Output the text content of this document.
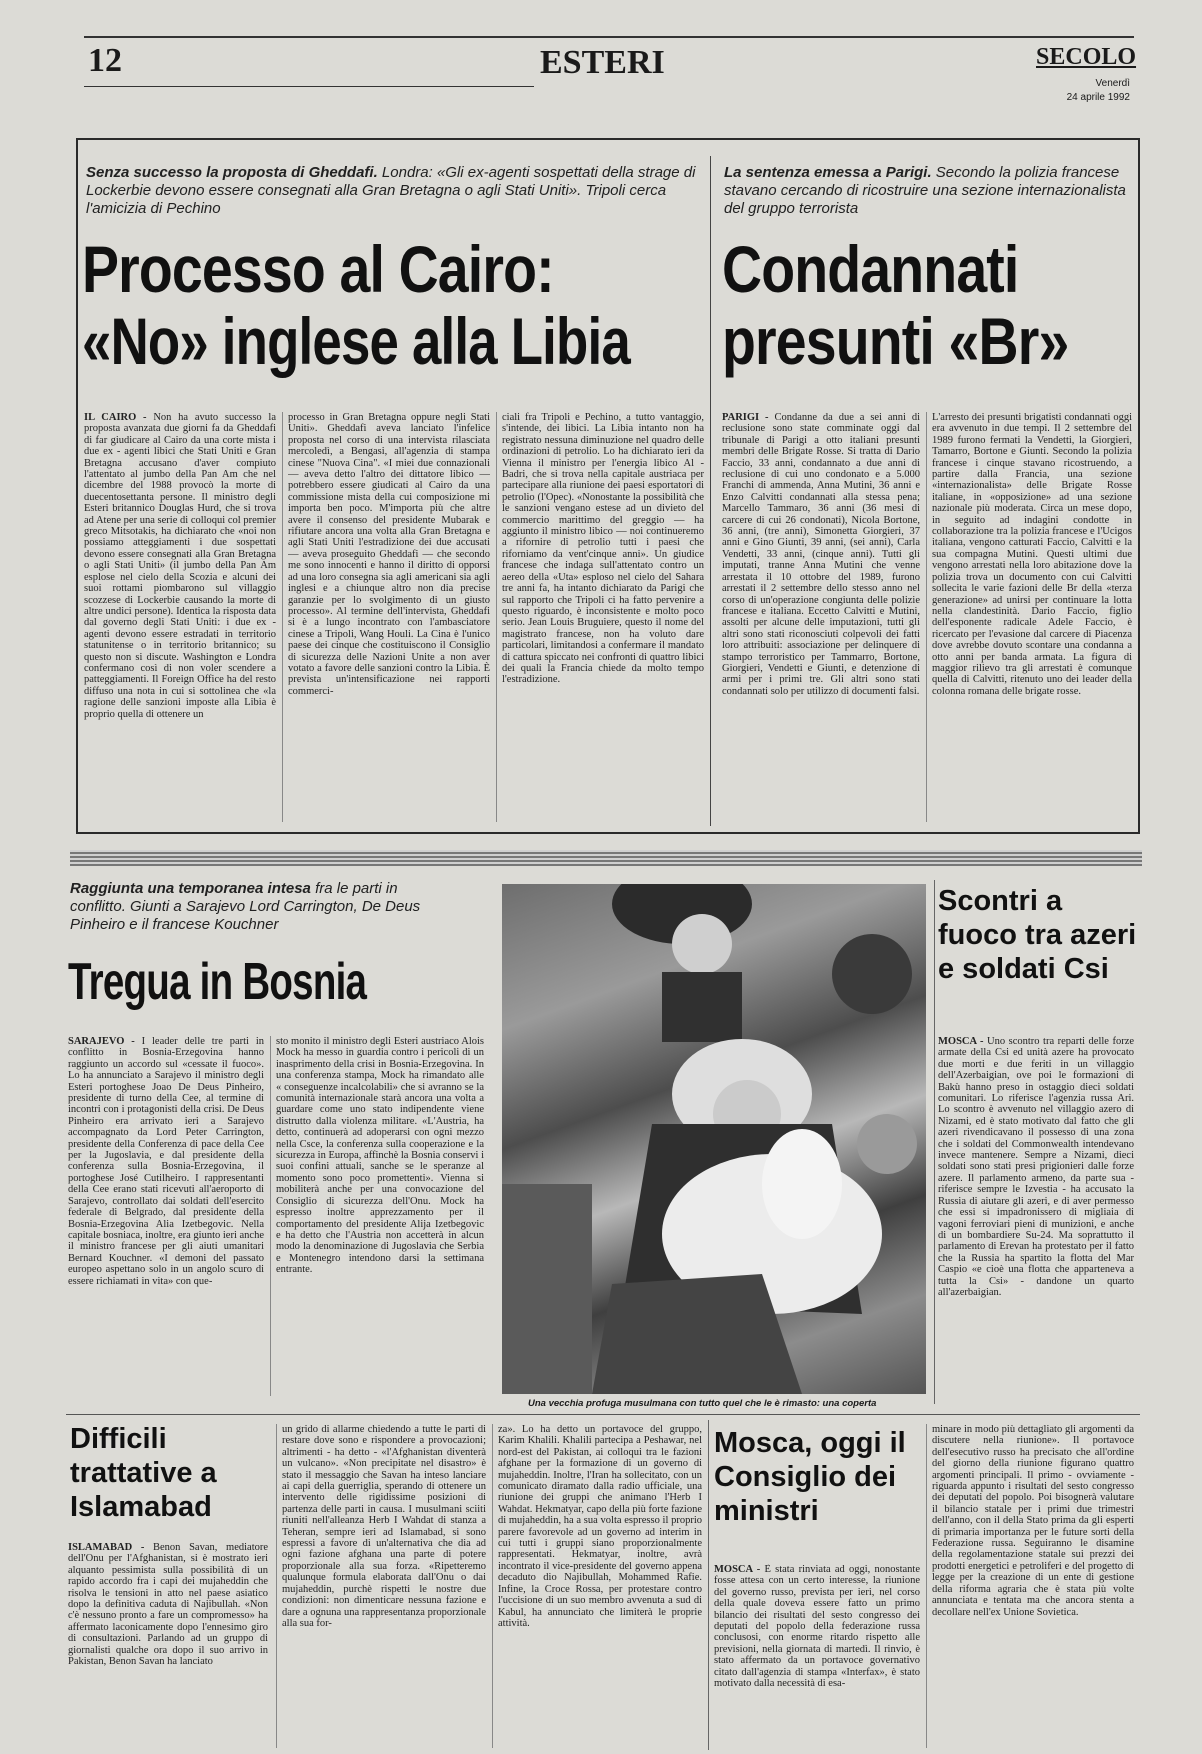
12	ESTERI	SECOLO
Venerdì
24 aprile 1992
Senza successo la proposta di Gheddafi. Londra: «Gli ex-agenti sospettati della strage di Lockerbie devono essere consegnati alla Gran Bretagna o agli Stati Uniti». Tripoli cerca l'amicizia di Pechino
Processo al Cairo:
«No» inglese alla Libia
IL CAIRO - Non ha avuto successo la proposta avanzata due giorni fa da Gheddafi di far giudicare al Cairo da una corte mista i due ex - agenti libici che Stati Uniti e Gran Bretagna accusano d'aver compiuto l'attentato al jumbo della Pan Am che nel dicembre del 1988 provocò la morte di duecentosettanta persone. Il ministro degli Esteri britannico Douglas Hurd, che si trova ad Atene per una serie di colloqui col premier greco Mitsotakis, ha dichiarato che «noi non possiamo atteggiamenti i due sospettati devono essere consegnati alla Gran Bretagna o agli Stati Uniti» (il jumbo della Pan Am esplose nel cielo della Scozia e alcuni dei suoi rottami piombarono sul villaggio scozzese di Lockerbie causando la morte di altre undici persone). Identica la risposta data dal governo degli Stati Uniti: i due ex - agenti devono essere estradati in territorio statunitense o in territorio britannico; su questo non si discute. Washington e Londra confermano così di non voler scendere a patteggiamenti. Il Foreign Office ha del resto diffuso una nota in cui si sottolinea che «la ragione delle sanzioni imposte alla Libia è proprio quella di ottenere un
processo in Gran Bretagna oppure negli Stati Uniti». Gheddafi aveva lanciato l'infelice proposta nel corso di una intervista rilasciata mercoledì, a Bengasi, all'agenzia di stampa cinese "Nuova Cina". «I miei due connazionali — aveva detto l'altro dei dittatore libico — potrebbero essere giudicati al Cairo da una commissione mista della cui composizione mi importa ben poco. M'importa più che altre avere il consenso del presidente Mubarak e rifiutare ancora una volta alla Gran Bretagna e agli Stati Uniti l'estradizione dei due accusati — aveva proseguito Gheddafi — che secondo me sono innocenti e hanno il diritto di opporsi ad una loro consegna sia agli americani sia agli inglesi e a chiunque altro non dia precise garanzie per lo svolgimento di un giusto processo». Al termine dell'intervista, Gheddafi si è a lungo incontrato con l'ambasciatore cinese a Tripoli, Wang Houli. La Cina è l'unico paese dei cinque che costituiscono il Consiglio di sicurezza delle Nazioni Unite a non aver votato a favore delle sanzioni contro la Libia. È prevista un'intensificazione nei rapporti commerci-
ciali fra Tripoli e Pechino, a tutto vantaggio, s'intende, dei libici. La Libia intanto non ha registrato nessuna diminuzione nel quadro delle ordinazioni di petrolio. Lo ha dichiarato ieri da Vienna il ministro per l'energia libico Al - Badri, che si trova nella capitale austriaca per partecipare alla riunione dei paesi esportatori di petrolio (l'Opec). «Nonostante la possibilità che le sanzioni vengano estese ad un divieto del commercio marittimo del greggio — ha aggiunto il ministro libico — noi continueremo a rifornire di petrolio tutti i paesi che riforniamo da vent'cinque anni». Un giudice francese che indaga sull'attentato contro un aereo della «Uta» esploso nel cielo del Sahara tre anni fa, ha intanto dichiarato da Parigi che sul rapporto che Tripoli ci ha fatto pervenire a questo riguardo, è inconsistente e molto poco serio. Jean Louis Bruguiere, questo il nome del magistrato francese, non ha voluto dare particolari, limitandosi a confermare il mandato di cattura spiccato nei confronti di quattro libici dei quali la Francia chiede da molto tempo l'estradizione.
La sentenza emessa a Parigi. Secondo la polizia francese stavano cercando di ricostruire una sezione internazionalista del gruppo terrorista
Condannati
presunti «Br»
PARIGI - Condanne da due a sei anni di reclusione sono state comminate oggi dal tribunale di Parigi a otto italiani presunti membri delle Brigate Rosse. Si tratta di Dario Faccio, 33 anni, condannato a due anni di reclusione di cui uno condonato e a 5.000 Franchi di ammenda, Anna Mutini, 36 anni e Enzo Calvitti condannati alla stessa pena; Marcello Tammaro, 36 anni (36 mesi di carcere di cui 26 condonati), Nicola Bortone, 36 anni, (tre anni), Simonetta Giorgieri, 37 anni e Gino Giunti, 39 anni, (sei anni), Carla Vendetti, 33 anni, (cinque anni). Tutti gli imputati, tranne Anna Mutini che venne arrestata il 10 ottobre del 1989, furono arrestati il 2 settembre dello stesso anno nel corso di un'operazione congiunta delle polizie francese e italiana. Eccetto Calvitti e Mutini, assolti per alcune delle imputazioni, tutti gli altri sono stati riconosciuti colpevoli dei fatti loro attribuiti: associazione per delinquere di stampo terroristico per Tammarro, Bortone, Giorgieri, Vendetti e Giunti, e detenzione di armi per i primi tre. Gli altri sono stati condannati solo per utilizzo di documenti falsi.
L'arresto dei presunti brigatisti condannati oggi era avvenuto in due tempi. Il 2 settembre del 1989 furono fermati la Vendetti, la Giorgieri, Tamarro, Bortone e Giunti. Secondo la polizia francese i cinque stavano ricostruendo, a partire dalla Francia, una sezione «internazionalista» delle Brigate Rosse italiane, in «opposizione» ad una sezione nazionale più moderata. Circa un mese dopo, in seguito ad indagini condotte in collaborazione tra la polizia francese e l'Ucigos italiana, vengono catturati Faccio, Calvitti e la sua compagna Mutini. Questi ultimi due vengono arrestati nella loro abitazione dove la polizia trova un documento con cui Calvitti sollecita le varie fazioni delle Br della «terza generazione» ad unirsi per continuare la lotta nella clandestinità. Dario Faccio, figlio dell'esponente radicale Adele Faccio, è ricercato per l'evasione dal carcere di Piacenza dove avrebbe dovuto scontare una condanna a otto anni per banda armata. La figura di maggior rilievo tra gli arrestati è comunque quella di Calvitti, ritenuto uno dei leader della colonna romana delle brigate rosse.
Raggiunta una temporanea intesa fra le parti in conflitto. Giunti a Sarajevo Lord Carrington, De Deus Pinheiro e il francese Kouchner
Tregua in Bosnia
SARAJEVO - I leader delle tre parti in conflitto in Bosnia-Erzegovina hanno raggiunto un accordo sul «cessate il fuoco». Lo ha annunciato a Sarajevo il ministro degli Esteri portoghese Joao De Deus Pinheiro, presidente di turno della Cee, al termine di incontri con i protagonisti della crisi. De Deus Pinheiro era arrivato ieri a Sarajevo accompagnato da Lord Peter Carrington, presidente della Conferenza di pace della Cee per la Jugoslavia, e dal presidente della conferenza sulla Bosnia-Erzegovina, il portoghese José Cutilheiro. I rappresentanti della Cee erano stati ricevuti all'aeroporto di Sarajevo, controllato dai soldati dell'esercito federale di Belgrado, dal presidente della Bosnia-Erzegovina Alia Izetbegovic. Nella capitale bosniaca, inoltre, era giunto ieri anche il ministro francese per gli aiuti umanitari Bernard Kouchner. «I demoni del passato europeo aspettano solo in un angolo scuro di essere richiamati in vita» con que-
sto monito il ministro degli Esteri austriaco Alois Mock ha messo in guardia contro i pericoli di un inasprimento della crisi in Bosnia-Erzegovina. In una conferenza stampa, Mock ha rimandato alle « conseguenze incalcolabili» che si avranno se la comunità internazionale starà ancora una volta a guardare come uno stato indipendente viene distrutto dalla violenza militare. «L'Austria, ha detto, continuerà ad adoperarsi con ogni mezzo nella Csce, la conferenza sulla cooperazione e la sicurezza in Europa, affinchè la Bosnia conservi i suoi confini attuali, sanche se le speranze al momento sono poco promettenti». Vienna si mobiliterà anche per una convocazione del Consiglio di sicurezza dell'Onu. Mock ha espresso inoltre apprezzamento per il comportamento del presidente Alija Izetbegovic e ha detto che l'Austria non accetterà in alcun modo la denominazione di Jugoslavia che Serbia e Montenegro intendono darsi la settimana entrante.
Una vecchia profuga musulmana con tutto quel che le è rimasto: una coperta
Scontri a fuoco tra azeri e soldati Csi
MOSCA - Uno scontro tra reparti delle forze armate della Csi ed unità azere ha provocato due morti e due feriti in un villaggio dell'Azerbaigian, ove poi le formazioni di Bakù hanno preso in ostaggio dieci soldati comunitari. Lo riferisce l'agenzia russa Ari. Lo scontro è avvenuto nel villaggio azero di Nizami, ed è stato motivato dal fatto che gli azeri rivendicavano il possesso di una zona che i soldati del Commonwealth intendevano invece mantenere. Sempre a Nizami, dieci soldati sono stati presi prigionieri dalle forze azere. Il parlamento armeno, da parte sua - riferisce sempre le Izvestia - ha accusato la Russia di aiutare gli azeri, e di aver permesso che essi si impadronissero di migliaia di vagoni ferroviari pieni di munizioni, e anche di un bombardiere Su-24. Ma soprattutto il parlamento di Erevan ha protestato per il fatto che la Russia ha spartito la flotta del Mar Caspio «e cioè una flotta che apparteneva a tutta la Csi» - dandone un quarto all'azerbaigian.
Difficili trattative a Islamabad
ISLAMABAD - Benon Savan, mediatore dell'Onu per l'Afghanistan, si è mostrato ieri alquanto pessimista sulla possibilità di un rapido accordo fra i capi dei mujaheddin che risolva le tensioni in atto nel paese asiatico dopo la definitiva caduta di Najibullah. «Non c'è nessuno pronto a fare un compromesso» ha affermato laconicamente dopo l'ennesimo giro di consultazioni. Parlando ad un gruppo di giornalisti qualche ora dopo il suo arrivo in Pakistan, Benon Savan ha lanciato
un grido di allarme chiedendo a tutte le parti di restare dove sono e rispondere a provocazioni; altrimenti - ha detto - «l'Afghanistan diventerà un vulcano». «Non precipitate nel disastro» è stato il messaggio che Savan ha inteso lanciare ai capi della guerriglia, sperando di ottenere un intervento delle rigidissime posizioni di partenza delle parti in causa. I musulmani sciiti riuniti nell'alleanza Herb I Wahdat di stanza a Teheran, sempre ieri ad Islamabad, si sono espressi a favore di un'alternativa che dia ad ogni fazione afghana una parte di potere proporzionale alla sua forza. «Ripetteremo qualunque formula elaborata dall'Onu o dai mujaheddin, purchè rispetti le nostre due condizioni: non dimenticare nessuna fazione e dare a ognuna una rappresentanza proporzionale alla sua for-
za». Lo ha detto un portavoce del gruppo, Karim Khalili. Khalili partecipa a Peshawar, nel nord-est del Pakistan, ai colloqui tra le fazioni afghane per la formazione di un governo di mujaheddin. Inoltre, l'Iran ha sollecitato, con un comunicato diramato dalla radio ufficiale, una riunione dei gruppi che animano l'Herb I Wahdat. Hekmatyar, capo della più forte fazione di mujaheddin, ha a sua volta espresso il proprio parere favorevole ad un governo ad interim in cui tutti i gruppi siano proporzionalmente rappresentati. Hekmatyar, inoltre, avrà incontrato il vice-presidente del governo appena decaduto dio Najibullah, Mohammed Rafie. Infine, la Croce Rossa, per protestare contro l'uccisione di un suo membro avvenuta a sud di Kabul, ha annunciato che limiterà le proprie attività.
Mosca, oggi il Consiglio dei ministri
MOSCA - È stata rinviata ad oggi, nonostante fosse attesa con un certo interesse, la riunione del governo russo, prevista per ieri, nel corso della quale doveva essere fatto un primo bilancio dei risultati del sesto congresso dei deputati del popolo della federazione russa conclusosi, con enorme ritardo rispetto alle previsioni, nella giornata di martedì. Il rinvio, è stato affermato da un portavoce governativo citato dall'agenzia di stampa «Interfax», è stato motivato dalla necessità di esa-
minare in modo più dettagliato gli argomenti da discutere nella riunione». Il portavoce dell'esecutivo russo ha precisato che all'ordine del giorno della riunione figurano quattro argomenti principali. Il primo - ovviamente - riguarda appunto i risultati del sesto congresso dei deputati del popolo. Poi bisognerà valutare il bilancio statale per i primi due trimestri dell'anno, con il della Stato prima da gli esperti di primaria importanza per le future sorti della Federazione russa. Seguiranno le disamine della regolamentazione statale sui prezzi dei prodotti energetici e petroliferi e del progetto di legge per la creazione di un ente di gestione della riforma agraria che è stata più volte annunciata e tentata ma che ancora stenta a decollare nell'ex Unione Sovietica.
